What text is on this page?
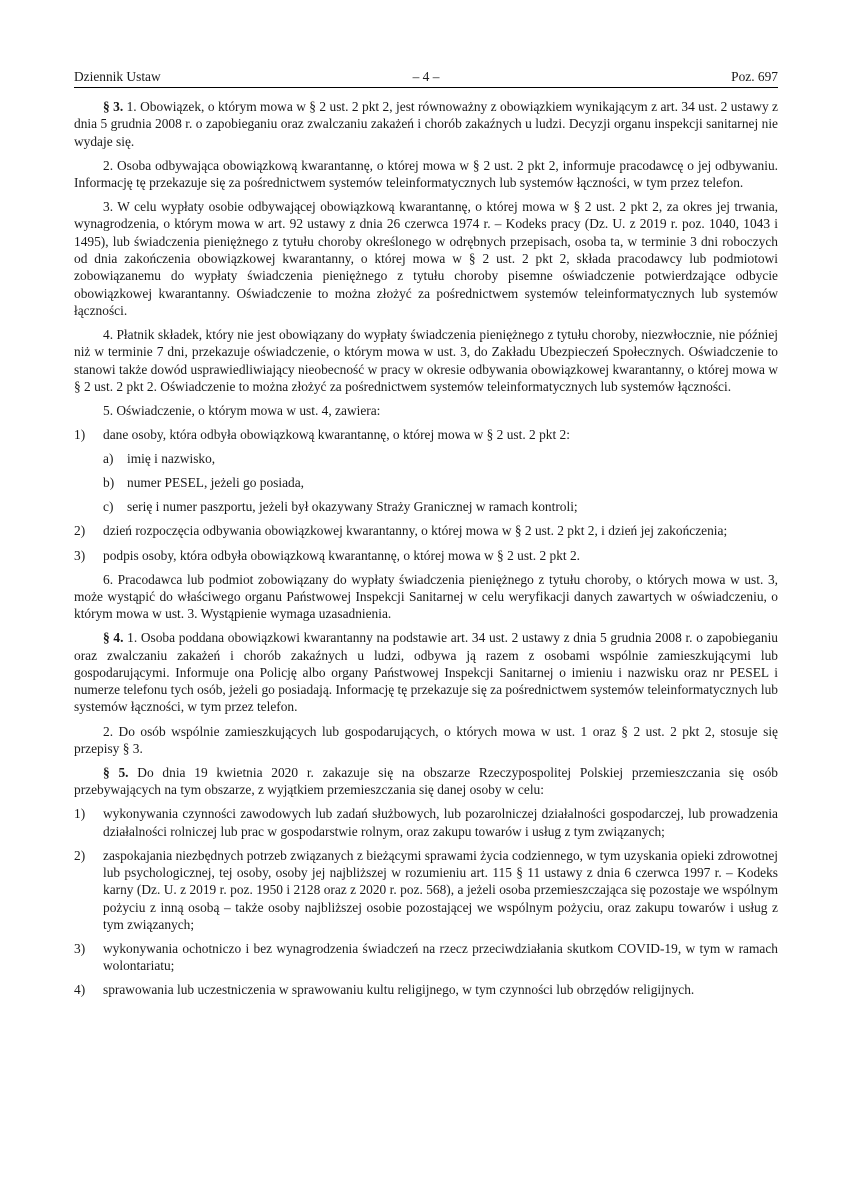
Dziennik Ustaw	– 4 –	Poz. 697

§ 3. 1. Obowiązek, o którym mowa w § 2 ust. 2 pkt 2, jest równoważny z obowiązkiem wynikającym z art. 34 ust. 2 ustawy z dnia 5 grudnia 2008 r. o zapobieganiu oraz zwalczaniu zakażeń i chorób zakaźnych u ludzi. Decyzji organu inspekcji sanitarnej nie wydaje się.

2. Osoba odbywająca obowiązkową kwarantannę, o której mowa w § 2 ust. 2 pkt 2, informuje pracodawcę o jej odbywaniu. Informację tę przekazuje się za pośrednictwem systemów teleinformatycznych lub systemów łączności, w tym przez telefon.

3. W celu wypłaty osobie odbywającej obowiązkową kwarantannę, o której mowa w § 2 ust. 2 pkt 2, za okres jej trwania, wynagrodzenia, o którym mowa w art. 92 ustawy z dnia 26 czerwca 1974 r. – Kodeks pracy (Dz. U. z 2019 r. poz. 1040, 1043 i 1495), lub świadczenia pieniężnego z tytułu choroby określonego w odrębnych przepisach, osoba ta, w terminie 3 dni roboczych od dnia zakończenia obowiązkowej kwarantanny, o której mowa w § 2 ust. 2 pkt 2, składa pracodawcy lub podmiotowi zobowiązanemu do wypłaty świadczenia pieniężnego z tytułu choroby pisemne oświadczenie potwierdzające odbycie obowiązkowej kwarantanny. Oświadczenie to można złożyć za pośrednictwem systemów teleinformatycznych lub systemów łączności.

4. Płatnik składek, który nie jest obowiązany do wypłaty świadczenia pieniężnego z tytułu choroby, niezwłocznie, nie później niż w terminie 7 dni, przekazuje oświadczenie, o którym mowa w ust. 3, do Zakładu Ubezpieczeń Społecznych. Oświadczenie to stanowi także dowód usprawiedliwiający nieobecność w pracy w okresie odbywania obowiązkowej kwarantanny, o której mowa w § 2 ust. 2 pkt 2. Oświadczenie to można złożyć za pośrednictwem systemów teleinformatycznych lub systemów łączności.

5. Oświadczenie, o którym mowa w ust. 4, zawiera:

1) dane osoby, która odbyła obowiązkową kwarantannę, o której mowa w § 2 ust. 2 pkt 2:
a) imię i nazwisko,
b) numer PESEL, jeżeli go posiada,
c) serię i numer paszportu, jeżeli był okazywany Straży Granicznej w ramach kontroli;
2) dzień rozpoczęcia odbywania obowiązkowej kwarantanny, o której mowa w § 2 ust. 2 pkt 2, i dzień jej zakończenia;
3) podpis osoby, która odbyła obowiązkową kwarantannę, o której mowa w § 2 ust. 2 pkt 2.

6. Pracodawca lub podmiot zobowiązany do wypłaty świadczenia pieniężnego z tytułu choroby, o których mowa w ust. 3, może wystąpić do właściwego organu Państwowej Inspekcji Sanitarnej w celu weryfikacji danych zawartych w oświadczeniu, o którym mowa w ust. 3. Wystąpienie wymaga uzasadnienia.

§ 4. 1. Osoba poddana obowiązkowi kwarantanny na podstawie art. 34 ust. 2 ustawy z dnia 5 grudnia 2008 r. o zapobieganiu oraz zwalczaniu zakażeń i chorób zakaźnych u ludzi, odbywa ją razem z osobami wspólnie zamieszkującymi lub gospodarującymi. Informuje ona Policję albo organy Państwowej Inspekcji Sanitarnej o imieniu i nazwisku oraz nr PESEL i numerze telefonu tych osób, jeżeli go posiadają. Informację tę przekazuje się za pośrednictwem systemów teleinformatycznych lub systemów łączności, w tym przez telefon.

2. Do osób wspólnie zamieszkujących lub gospodarujących, o których mowa w ust. 1 oraz § 2 ust. 2 pkt 2, stosuje się przepisy § 3.

§ 5. Do dnia 19 kwietnia 2020 r. zakazuje się na obszarze Rzeczypospolitej Polskiej przemieszczania się osób przebywających na tym obszarze, z wyjątkiem przemieszczania się danej osoby w celu:

1) wykonywania czynności zawodowych lub zadań służbowych, lub pozarolniczej działalności gospodarczej, lub prowadzenia działalności rolniczej lub prac w gospodarstwie rolnym, oraz zakupu towarów i usług z tym związanych;
2) zaspokajania niezbędnych potrzeb związanych z bieżącymi sprawami życia codziennego, w tym uzyskania opieki zdrowotnej lub psychologicznej, tej osoby, osoby jej najbliższej w rozumieniu art. 115 § 11 ustawy z dnia 6 czerwca 1997 r. – Kodeks karny (Dz. U. z 2019 r. poz. 1950 i 2128 oraz z 2020 r. poz. 568), a jeżeli osoba przemieszczająca się pozostaje we wspólnym pożyciu z inną osobą – także osoby najbliższej osobie pozostającej we wspólnym pożyciu, oraz zakupu towarów i usług z tym związanych;
3) wykonywania ochotniczo i bez wynagrodzenia świadczeń na rzecz przeciwdziałania skutkom COVID-19, w tym w ramach wolontariatu;
4) sprawowania lub uczestniczenia w sprawowaniu kultu religijnego, w tym czynności lub obrzędów religijnych.
